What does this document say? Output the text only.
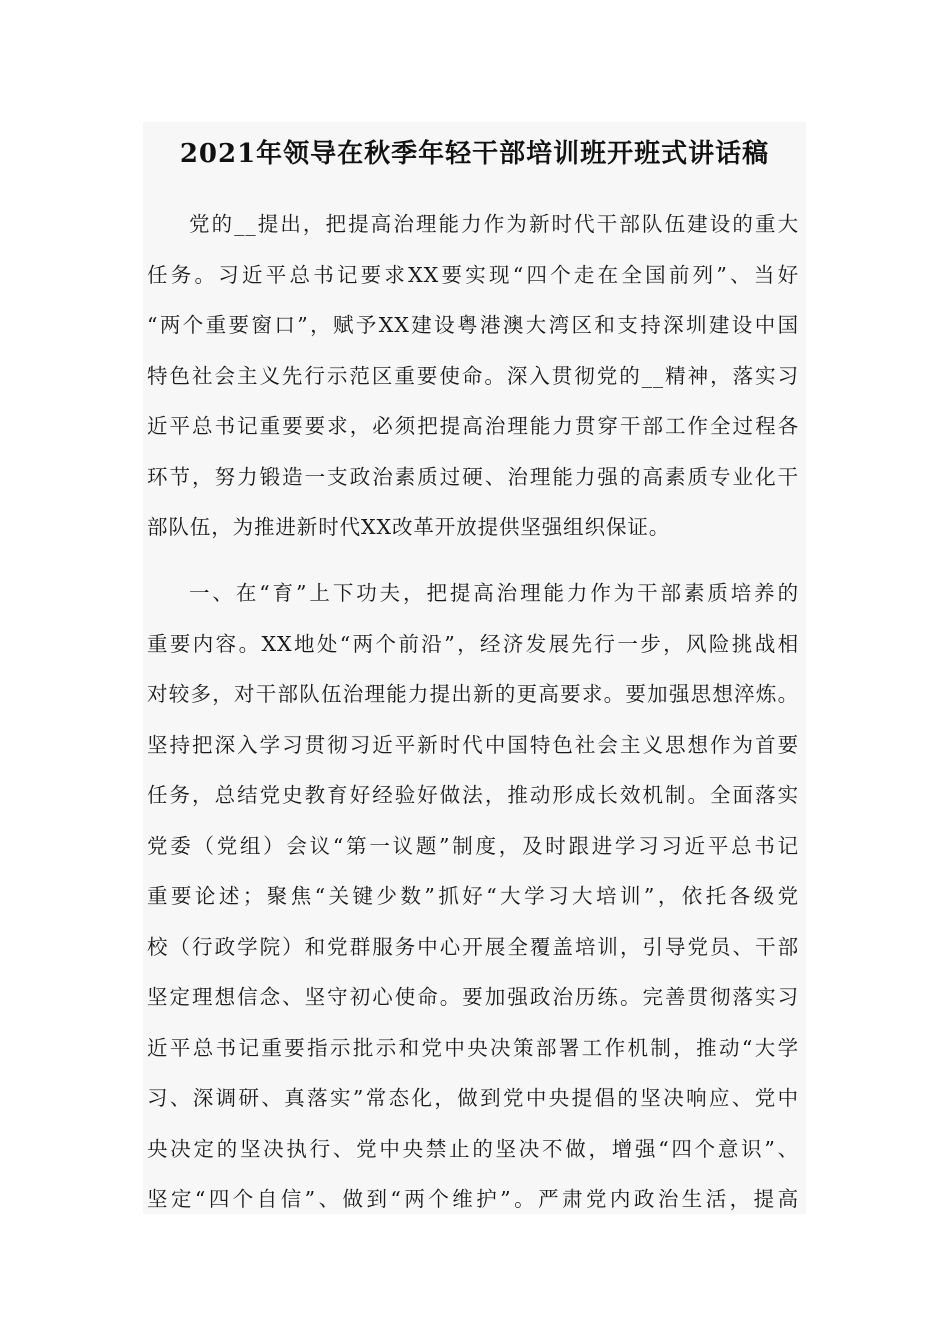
2021年领导在秋季年轻干部培训班开班式讲话稿
党的__提出，把提高治理能力作为新时代干部队伍建设的重大
任务。习近平总书记要求XX要实现“四个走在全国前列”、当好
“两个重要窗口”，赋予XX建设粤港澳大湾区和支持深圳建设中国
特色社会主义先行示范区重要使命。深入贯彻党的__精神，落实习
近平总书记重要要求，必须把提高治理能力贯穿干部工作全过程各
环节，努力锻造一支政治素质过硬、治理能力强的高素质专业化干
部队伍，为推进新时代XX改革开放提供坚强组织保证。
一、在“育”上下功夫，把提高治理能力作为干部素质培养的
重要内容。XX地处“两个前沿”，经济发展先行一步，风险挑战相
对较多，对干部队伍治理能力提出新的更高要求。要加强思想淬炼。
坚持把深入学习贯彻习近平新时代中国特色社会主义思想作为首要
任务，总结党史教育好经验好做法，推动形成长效机制。全面落实
党委（党组）会议“第一议题”制度，及时跟进学习习近平总书记
重要论述；聚焦“关键少数”抓好“大学习大培训”，依托各级党
校（行政学院）和党群服务中心开展全覆盖培训，引导党员、干部
坚定理想信念、坚守初心使命。要加强政治历练。完善贯彻落实习
近平总书记重要指示批示和党中央决策部署工作机制，推动“大学
习、深调研、真落实”常态化，做到党中央提倡的坚决响应、党中
央决定的坚决执行、党中央禁止的坚决不做，增强“四个意识”、
坚定“四个自信”、做到“两个维护”。严肃党内政治生活，提高
